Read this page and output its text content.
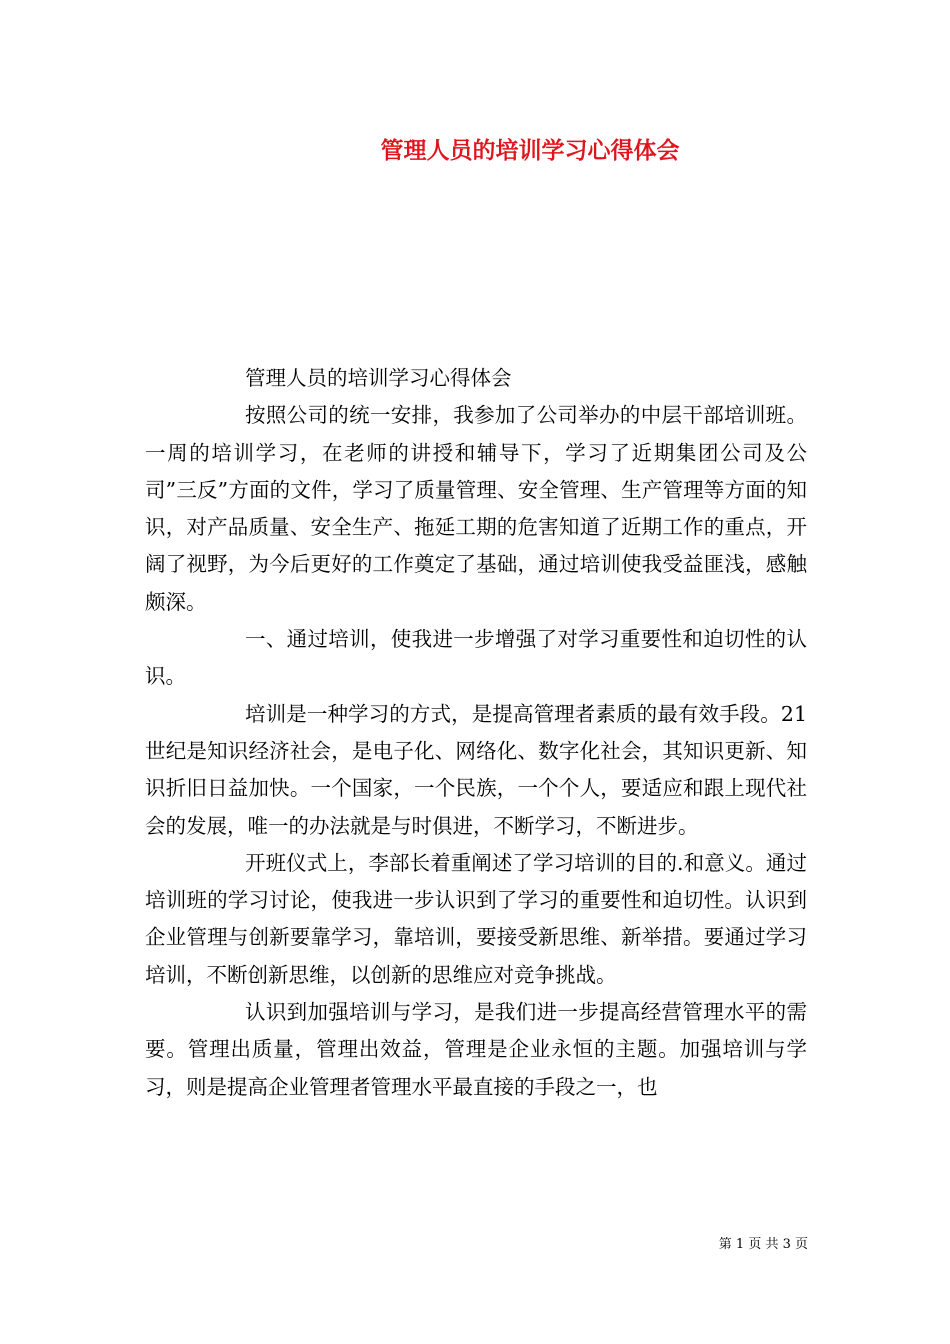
管理人员的培训学习心得体会

管理人员的培训学习心得体会

按照公司的统一安排，我参加了公司举办的中层干部培训班。一周的培训学习，在老师的讲授和辅导下，学习了近期集团公司及公司”三反”方面的文件，学习了质量管理、安全管理、生产管理等方面的知识，对产品质量、安全生产、拖延工期的危害知道了近期工作的重点，开阔了视野，为今后更好的工作奠定了基础，通过培训使我受益匪浅，感触颇深。

一、通过培训，使我进一步增强了对学习重要性和迫切性的认识。

培训是一种学习的方式，是提高管理者素质的最有效手段。21世纪是知识经济社会，是电子化、网络化、数字化社会，其知识更新、知识折旧日益加快。一个国家，一个民族，一个个人，要适应和跟上现代社会的发展，唯一的办法就是与时俱进，不断学习，不断进步。

开班仪式上，李部长着重阐述了学习培训的目的.和意义。通过培训班的学习讨论，使我进一步认识到了学习的重要性和迫切性。认识到企业管理与创新要靠学习，靠培训，要接受新思维、新举措。要通过学习培训，不断创新思维，以创新的思维应对竞争挑战。

认识到加强培训与学习，是我们进一步提高经营管理水平的需要。管理出质量，管理出效益，管理是企业永恒的主题。加强培训与学习，则是提高企业管理者管理水平最直接的手段之一，也

第 1 页 共 3 页
